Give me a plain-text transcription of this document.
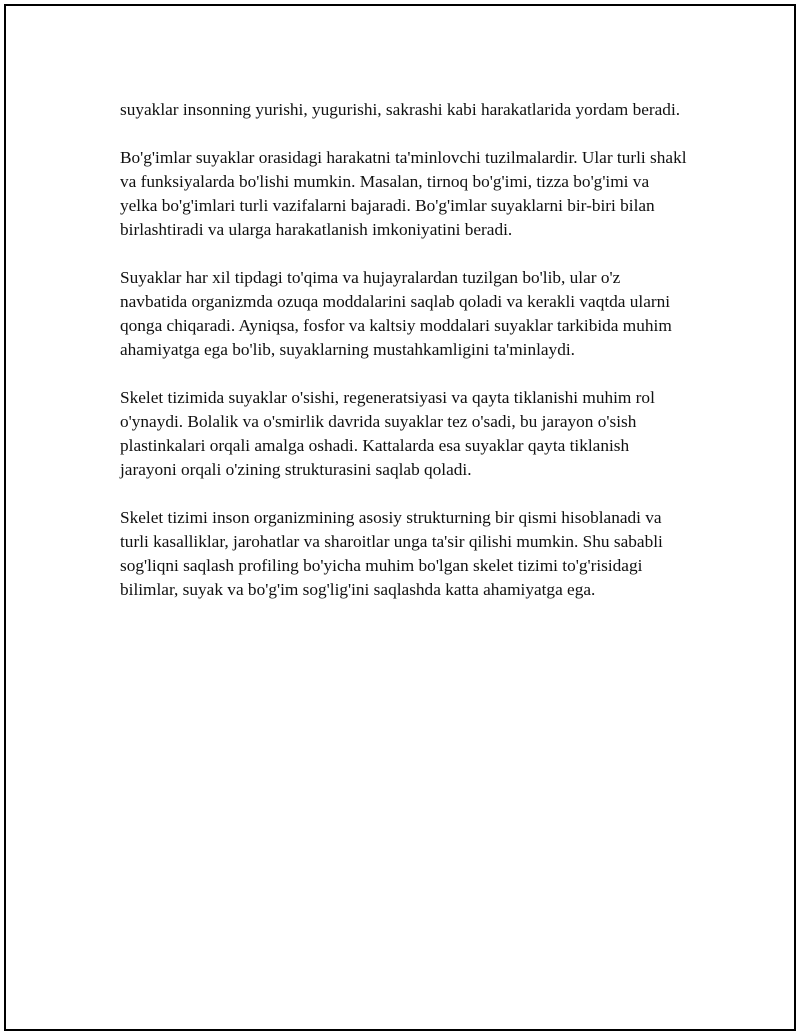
suyaklar insonning yurishi, yugurishi, sakrashi kabi harakatlarida yordam beradi.

Bo'g'imlar suyaklar orasidagi harakatni ta'minlovchi tuzilmalardir. Ular turli shakl va funksiyalarda bo'lishi mumkin. Masalan, tirnoq bo'g'imi, tizza bo'g'imi va yelka bo'g'imlari turli vazifalarni bajaradi. Bo'g'imlar suyaklarni bir-biri bilan birlashtiradi va ularga harakatlanish imkoniyatini beradi.

Suyaklar har xil tipdagi to'qima va hujayralardan tuzilgan bo'lib, ular o'z navbatida organizmda ozuqa moddalarini saqlab qoladi va kerakli vaqtda ularni qonga chiqaradi. Ayniqsa, fosfor va kaltsiy moddalari suyaklar tarkibida muhim ahamiyatga ega bo'lib, suyaklarning mustahkamligini ta'minlaydi.

Skelet tizimida suyaklar o'sishi, regeneratsiyasi va qayta tiklanishi muhim rol o'ynaydi. Bolalik va o'smirlik davrida suyaklar tez o'sadi, bu jarayon o'sish plastinkalari orqali amalga oshadi. Kattalarda esa suyaklar qayta tiklanish jarayoni orqali o'zining strukturasini saqlab qoladi.

Skelet tizimi inson organizmining asosiy strukturning bir qismi hisoblanadi va turli kasalliklar, jarohatlar va sharoitlar unga ta'sir qilishi mumkin. Shu sababli sog'liqni saqlash profiling bo'yicha muhim bo'lgan skelet tizimi to'g'risidagi bilimlar, suyak va bo'g'im sog'lig'ini saqlashda katta ahamiyatga ega.
